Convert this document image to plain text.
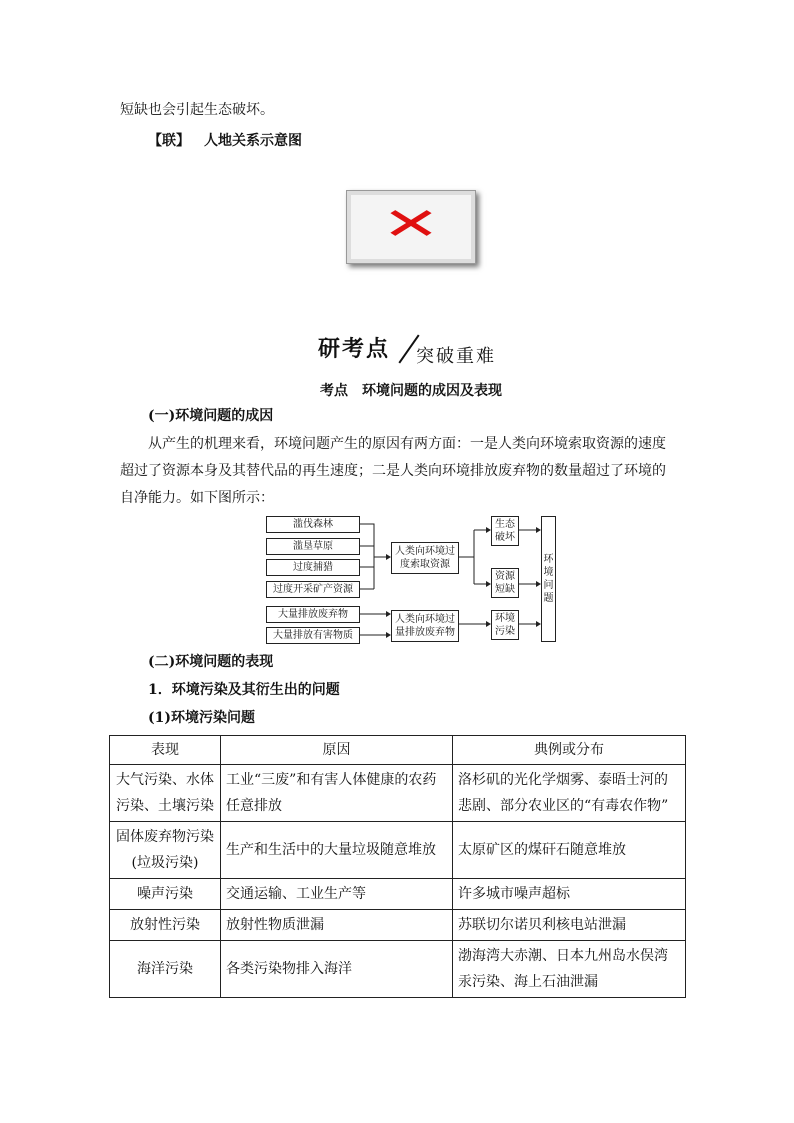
短缺也会引起生态破坏。
【联】 人地关系示意图
✕
研考点 突破重难
考点 环境问题的成因及表现
(一)环境问题的成因
从产生的机理来看，环境问题产生的原因有两方面：一是人类向环境索取资源的速度
超过了资源本身及其替代品的再生速度；二是人类向环境排放废弃物的数量超过了环境的
自净能力。如下图所示：
滥伐森林
滥垦草原
过度捕猎
过度开采矿产资源
大量排放废弃物
大量排放有害物质
人类向环境过度索取资源
人类向环境过量排放废弃物
生态破坏
资源短缺
环境污染
环境问题
(二)环境问题的表现
1．环境污染及其衍生出的问题
(1)环境污染问题
表现	原因	典例或分布
大气污染、水体污染、土壤污染	工业“三废”和有害人体健康的农药任意排放	洛杉矶的光化学烟雾、泰晤士河的悲剧、部分农业区的“有毒农作物”
固体废弃物污染(垃圾污染)	生产和生活中的大量垃圾随意堆放	太原矿区的煤矸石随意堆放
噪声污染	交通运输、工业生产等	许多城市噪声超标
放射性污染	放射性物质泄漏	苏联切尔诺贝利核电站泄漏
海洋污染	各类污染物排入海洋	渤海湾大赤潮、日本九州岛水俣湾汞污染、海上石油泄漏
